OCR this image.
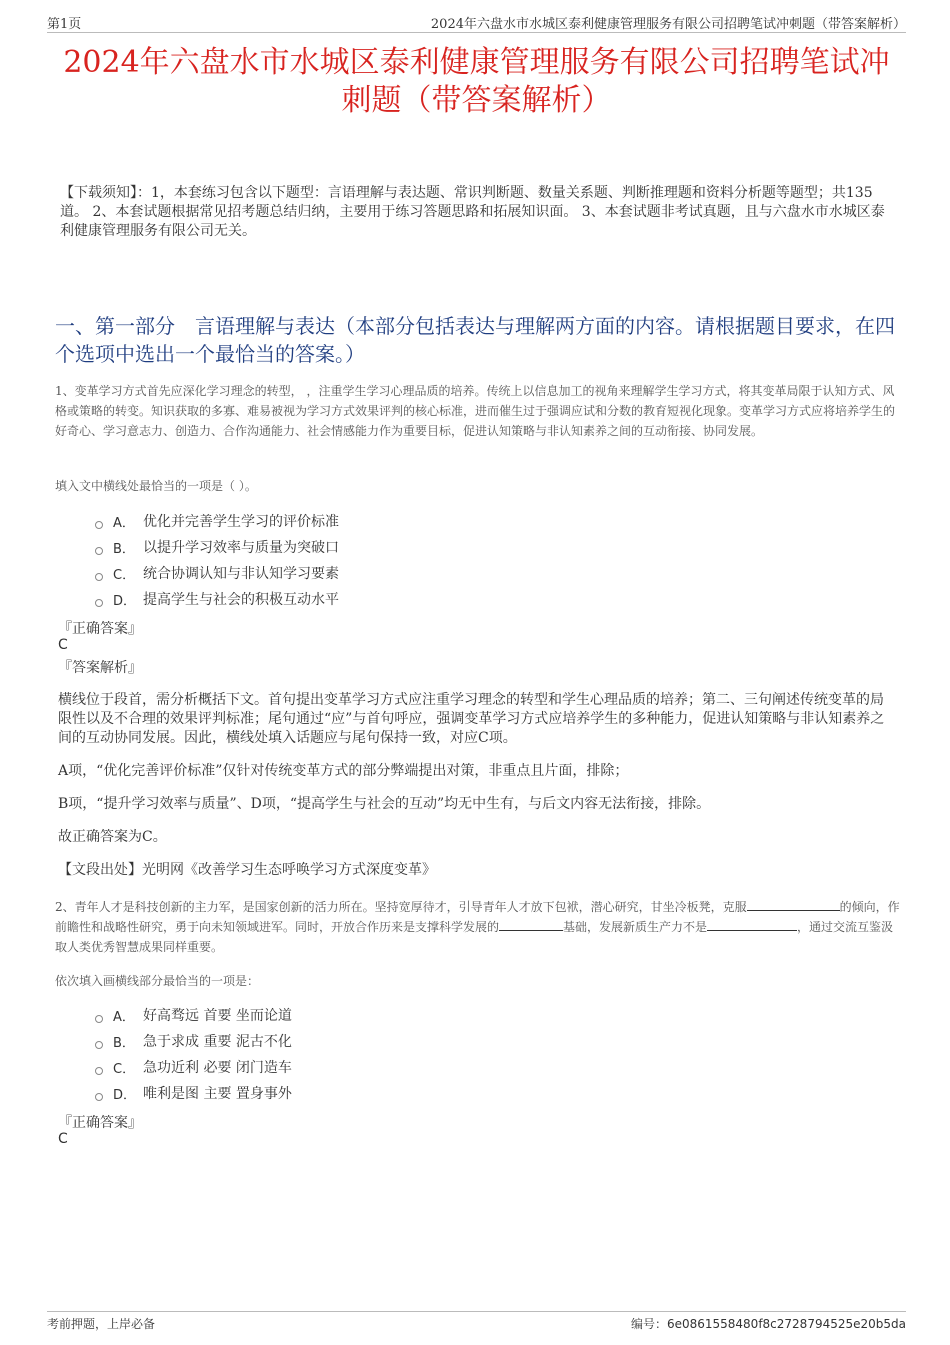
第1页	2024年六盘水市水城区泰利健康管理服务有限公司招聘笔试冲刺题（带答案解析）
2024年六盘水市水城区泰利健康管理服务有限公司招聘笔试冲
刺题（带答案解析）
【下载须知】：1，本套练习包含以下题型：言语理解与表达题、常识判断题、数量关系题、判断推理题和资料分析题等题型；共135道。 2、本套试题根据常见招考题总结归纳，主要用于练习答题思路和拓展知识面。 3、本套试题非考试真题，且与六盘水市水城区泰利健康管理服务有限公司无关。
一、第一部分　言语理解与表达（本部分包括表达与理解两方面的内容。请根据题目要求，在四个选项中选出一个最恰当的答案。）
1、变革学习方式首先应深化学习理念的转型， ，注重学生学习心理品质的培养。传统上以信息加工的视角来理解学生学习方式，将其变革局限于认知方式、风格或策略的转变。知识获取的多寡、难易被视为学习方式效果评判的核心标准，进而催生过于强调应试和分数的教育短视化现象。变革学习方式应将培养学生的好奇心、学习意志力、创造力、合作沟通能力、社会情感能力作为重要目标，促进认知策略与非认知素养之间的互动衔接、协同发展。
填入文中横线处最恰当的一项是（ ）。
A． 优化并完善学生学习的评价标准
B． 以提升学习效率与质量为突破口
C． 统合协调认知与非认知学习要素
D． 提高学生与社会的积极互动水平
『正确答案』
C
『答案解析』
横线位于段首，需分析概括下文。首句提出变革学习方式应注重学习理念的转型和学生心理品质的培养；第二、三句阐述传统变革的局限性以及不合理的效果评判标准；尾句通过“应”与首句呼应，强调变革学习方式应培养学生的多种能力，促进认知策略与非认知素养之间的互动协同发展。因此，横线处填入话题应与尾句保持一致，对应C项。
A项，“优化完善评价标准”仅针对传统变革方式的部分弊端提出对策，非重点且片面，排除；
B项，“提升学习效率与质量”、D项，“提高学生与社会的互动”均无中生有，与后文内容无法衔接，排除。
故正确答案为C。
【文段出处】光明网《改善学习生态呼唤学习方式深度变革》
2、青年人才是科技创新的主力军，是国家创新的活力所在。坚持宽厚待才，引导青年人才放下包袱，潜心研究，甘坐冷板凳，克服	的倾向，作前瞻性和战略性研究，勇于向未知领域进军。同时，开放合作历来是支撑科学发展的	基础，发展新质生产力不是	，通过交流互鉴汲取人类优秀智慧成果同样重要。
依次填入画横线部分最恰当的一项是：
A． 好高骛远 首要 坐而论道
B． 急于求成 重要 泥古不化
C． 急功近利 必要 闭门造车
D． 唯利是图 主要 置身事外
『正确答案』
C
考前押题，上岸必备	编号：6e0861558480f8c2728794525e20b5da
